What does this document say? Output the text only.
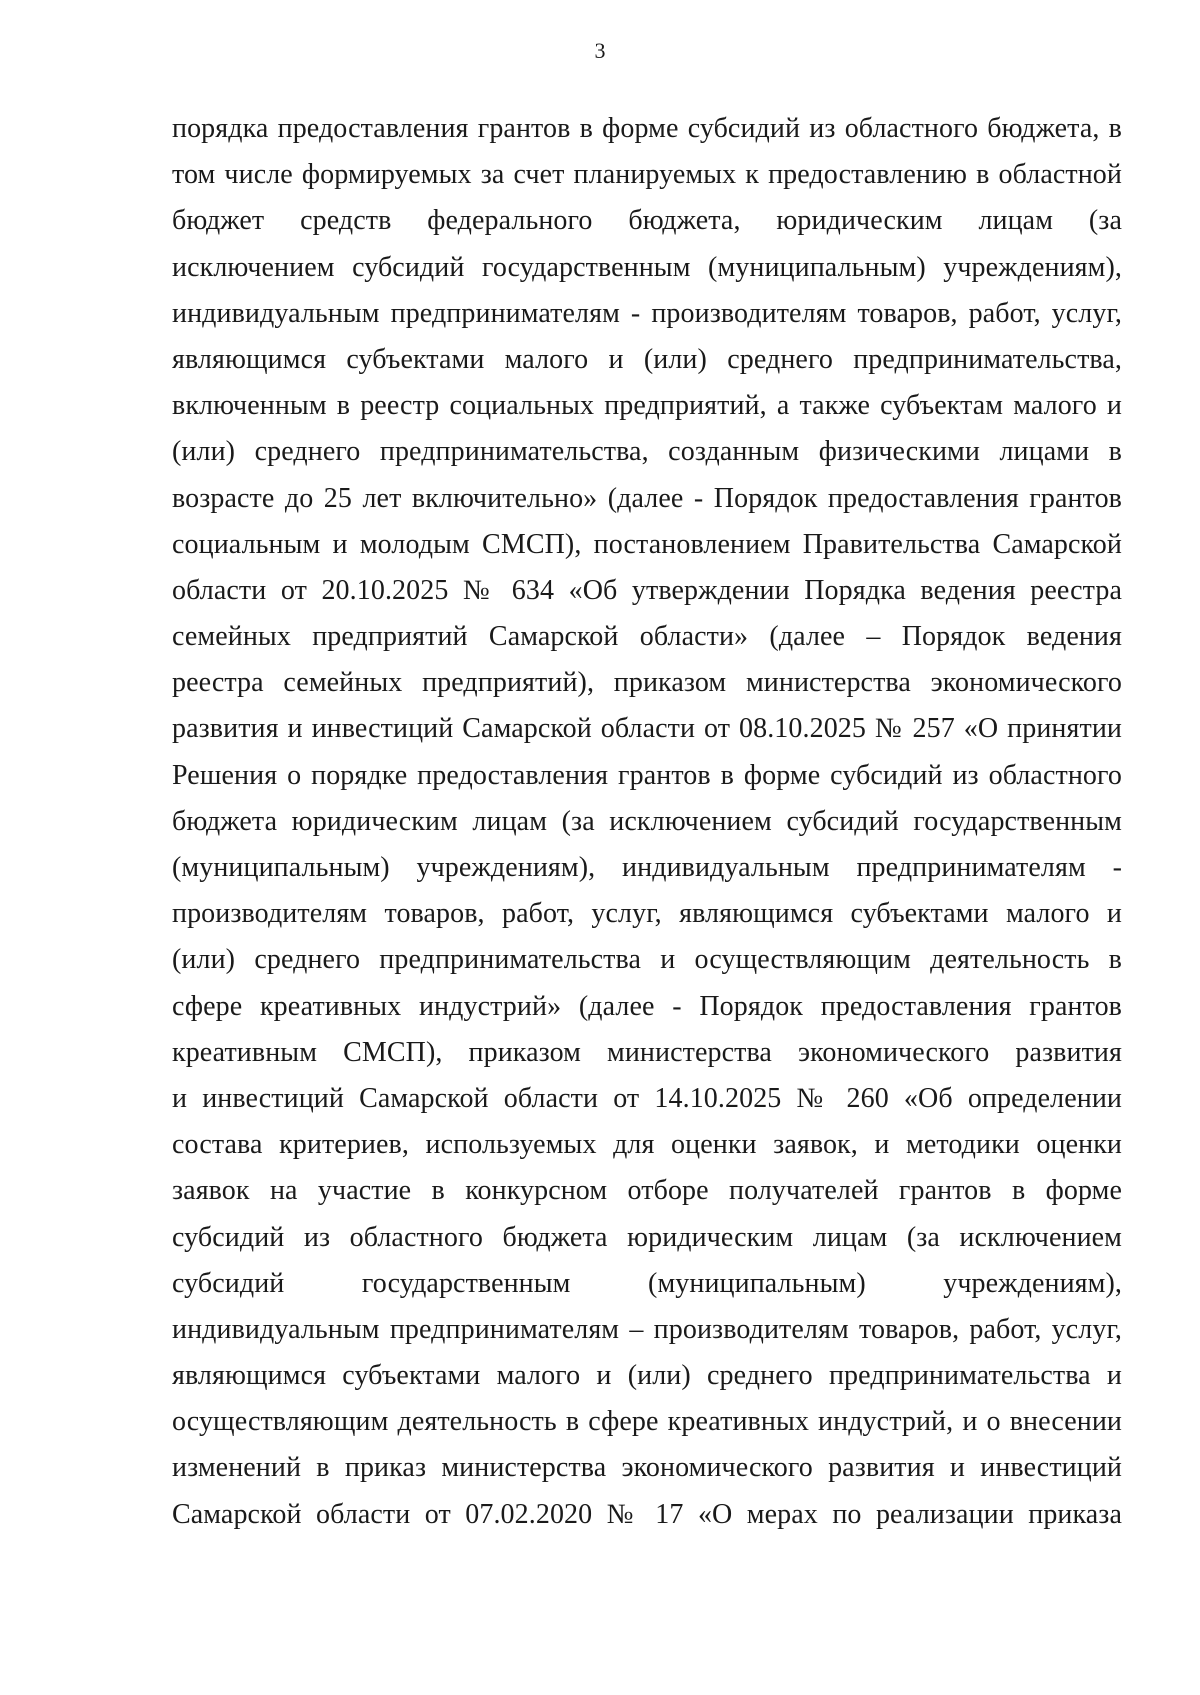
3
порядка предоставления грантов в форме субсидий из областного бюджета, в
том числе формируемых за счет планируемых к предоставлению в областной
бюджет средств федерального бюджета, юридическим лицам (за
исключением субсидий государственным (муниципальным) учреждениям),
индивидуальным предпринимателям - производителям товаров, работ, услуг,
являющимся субъектами малого и (или) среднего предпринимательства,
включенным в реестр социальных предприятий, а также субъектам малого и
(или) среднего предпринимательства, созданным физическими лицами в
возрасте до 25 лет включительно» (далее - Порядок предоставления грантов
социальным и молодым СМСП), постановлением Правительства Самарской
области от 20.10.2025 № 634 «Об утверждении Порядка ведения реестра
семейных предприятий Самарской области» (далее – Порядок ведения
реестра семейных предприятий), приказом министерства экономического
развития и инвестиций Самарской области от 08.10.2025 № 257 «О принятии
Решения о порядке предоставления грантов в форме субсидий из областного
бюджета юридическим лицам (за исключением субсидий государственным
(муниципальным) учреждениям), индивидуальным предпринимателям -
производителям товаров, работ, услуг, являющимся субъектами малого и
(или) среднего предпринимательства и осуществляющим деятельность в
сфере креативных индустрий» (далее - Порядок предоставления грантов
креативным СМСП), приказом министерства экономического развития
и инвестиций Самарской области от 14.10.2025 № 260 «Об определении
состава критериев, используемых для оценки заявок, и методики оценки
заявок на участие в конкурсном отборе получателей грантов в форме
субсидий из областного бюджета юридическим лицам (за исключением
субсидий государственным (муниципальным) учреждениям),
индивидуальным предпринимателям – производителям товаров, работ, услуг,
являющимся субъектами малого и (или) среднего предпринимательства и
осуществляющим деятельность в сфере креативных индустрий, и о внесении
изменений в приказ министерства экономического развития и инвестиций
Самарской области от 07.02.2020 № 17 «О мерах по реализации приказа
